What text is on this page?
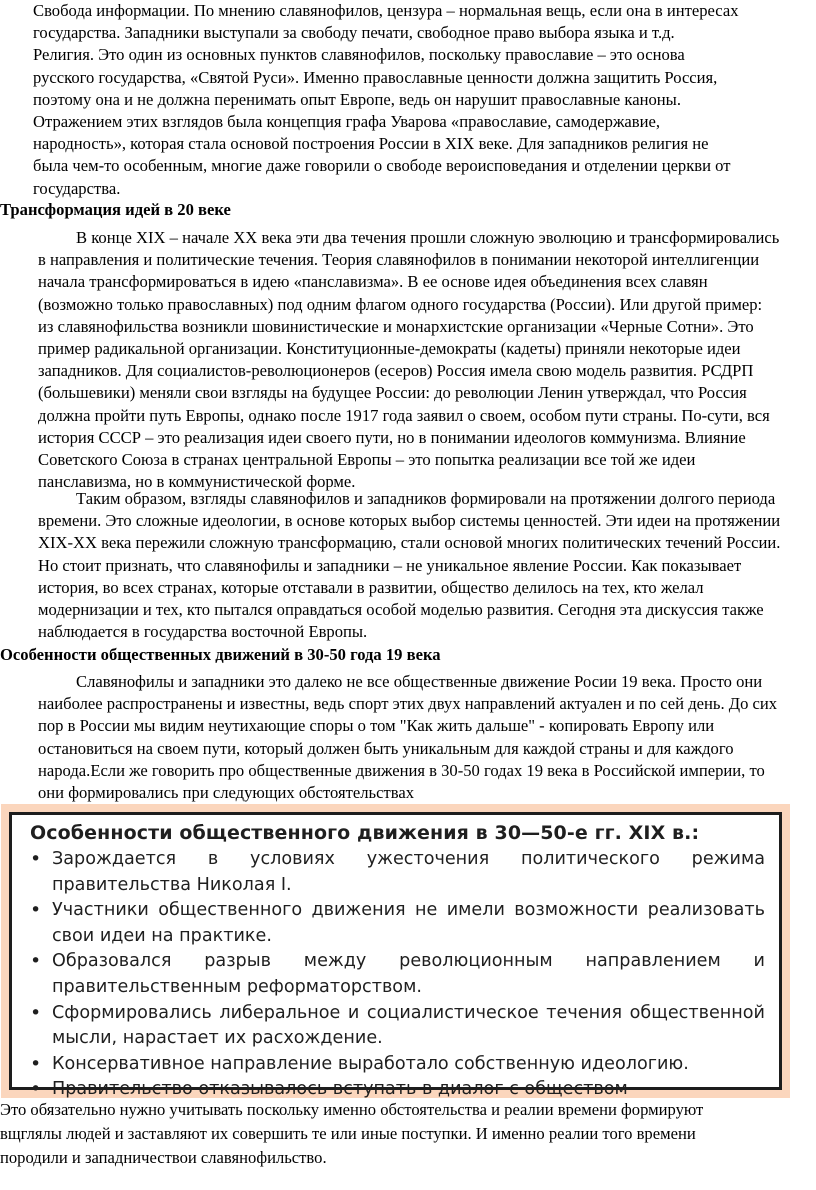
Свобода информации. По мнению славянофилов, цензура – нормальная вещь, если она в интересах
государства. Западники выступали за свободу печати, свободное право выбора языка и т.д.
Религия. Это один из основных пунктов славянофилов, поскольку православие – это основа
русского государства, «Святой Руси». Именно православные ценности должна защитить Россия,
поэтому она и не должна перенимать опыт Европе, ведь он нарушит православные каноны.
Отражением этих взглядов была концепция графа Уварова «православие, самодержавие,
народность», которая стала основой построения России в XIX веке. Для западников религия не
была чем-то особенным, многие даже говорили о свободе вероисповедания и отделении церкви от
государства.
Трансформация идей в 20 веке
В конце XIX – начале XX века эти два течения прошли сложную эволюцию и трансформировались
в направления и политические течения. Теория славянофилов в понимании некоторой интеллигенции
начала трансформироваться в идею «панславизма». В ее основе идея объединения всех славян
(возможно только православных) под одним флагом одного государства (России). Или другой пример:
из славянофильства возникли шовинистические и монархистские организации «Черные Сотни». Это
пример радикальной организации. Конституционные-демократы (кадеты) приняли некоторые идеи
западников. Для социалистов-революционеров (есеров) Россия имела свою модель развития. РСДРП
(большевики) меняли свои взгляды на будущее России: до революции Ленин утверждал, что Россия
должна пройти путь Европы, однако после 1917 года заявил о своем, особом пути страны. По-сути, вся
история СССР – это реализация идеи своего пути, но в понимании идеологов коммунизма. Влияние
Советского Союза в странах центральной Европы – это попытка реализации все той же идеи
панславизма, но в коммунистической форме.
Таким образом, взгляды славянофилов и западников формировали на протяжении долгого периода
времени. Это сложные идеологии, в основе которых выбор системы ценностей. Эти идеи на протяжении
XIX-XX века пережили сложную трансформацию, стали основой многих политических течений России.
Но стоит признать, что славянофилы и западники – не уникальное явление России. Как показывает
история, во всех странах, которые отставали в развитии, общество делилось на тех, кто желал
модернизации и тех, кто пытался оправдаться особой моделью развития. Сегодня эта дискуссия также
наблюдается в государства восточной Европы.
Особенности общественных движений в 30-50 года 19 века
Славянофилы и западники это далеко не все общественные движение Росии 19 века. Просто они
наиболее распространены и известны, ведь спорт этих двух направлений актуален и по сей день. До сих
пор в России мы видим неутихающие споры о том "Как жить дальше" - копировать Европу или
остановиться на своем пути, который должен быть уникальным для каждой страны и для каждого
народа.Если же говорить про общественные движения в 30-50 годах 19 века в Российской империи, то
они формировались при следующих обстоятельствах
Особенности общественного движения в 30—50-е гг. XIX в.:
• Зарождается в условиях ужесточения политического режима правительства Николая I.
• Участники общественного движения не имели возможности реализовать свои идеи на практике.
• Образовался разрыв между революционным направлением и правительственным реформаторством.
• Сформировались либеральное и социалистическое течения общественной мысли, нарастает их расхождение.
• Консервативное направление выработало собственную идеологию.
• Правительство отказывалось вступать в диалог с обществом
Это обязательно нужно учитывать поскольку именно обстоятельства и реалии времени формируют
вщглялы людей и заставляют их совершить те или иные поступки. И именно реалии того времени
породили и западничествои славянофильство.
